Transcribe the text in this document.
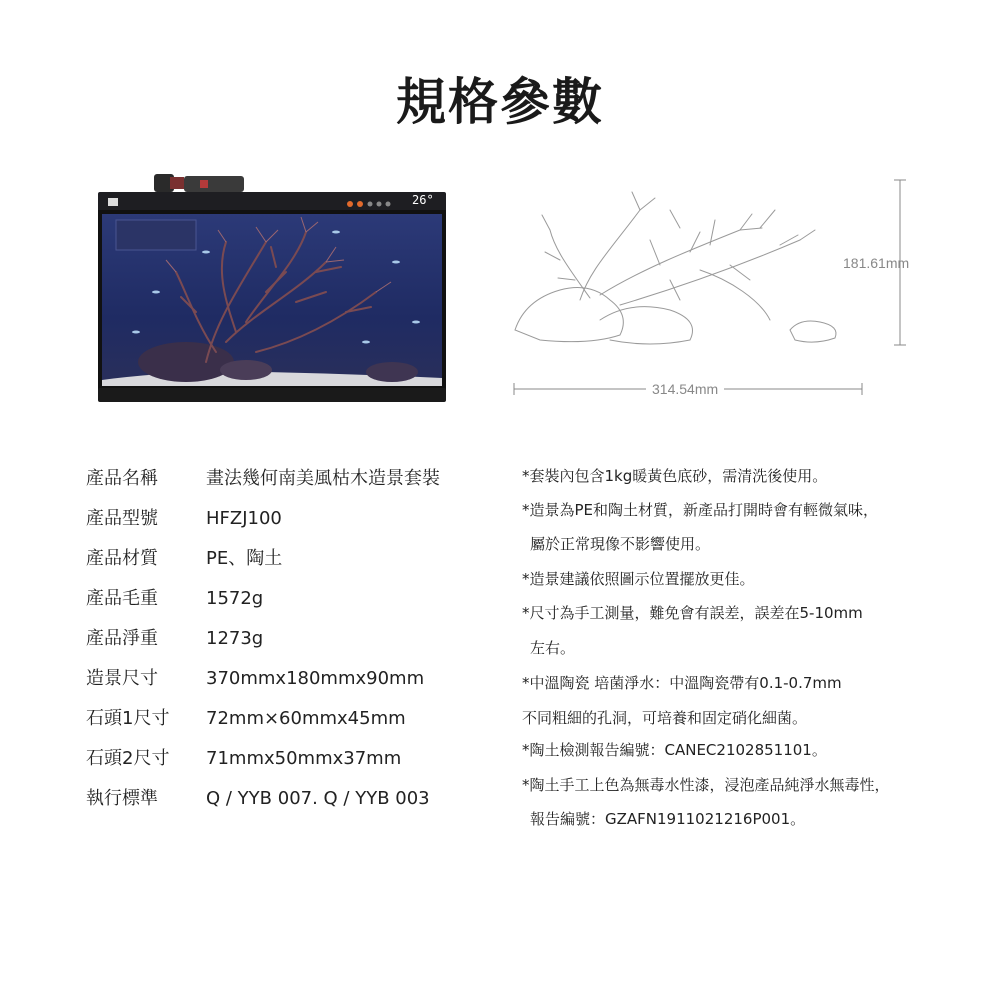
規格參數
26°
181.61mm
314.54mm
產品名稱	畫法幾何南美風枯木造景套裝
產品型號	HFZJ100
產品材質	PE、陶土
產品毛重	1572g
產品淨重	1273g
造景尺寸	370mmx180mmx90mm
石頭1尺寸 72mm×60mmx45mm
石頭2尺寸 71mmx50mmx37mm
執行標準	Q / YYB 007. Q / YYB 003
*套裝內包含1kg暖黃色底砂，需清洗後使用。
*造景為PE和陶土材質，新產品打開時會有輕微氣味，
屬於正常現像不影響使用。
*造景建議依照圖示位置擺放更佳。
*尺寸為手工測量，難免會有誤差，誤差在5-10mm
左右。
*中溫陶瓷 培菌淨水：中溫陶瓷帶有0.1-0.7mm
不同粗細的孔洞，可培養和固定硝化細菌。
*陶土檢測報告編號：CANEC2102851101。
*陶土手工上色為無毒水性漆，浸泡產品純淨水無毒性，
報告編號：GZAFN1911021216P001。
